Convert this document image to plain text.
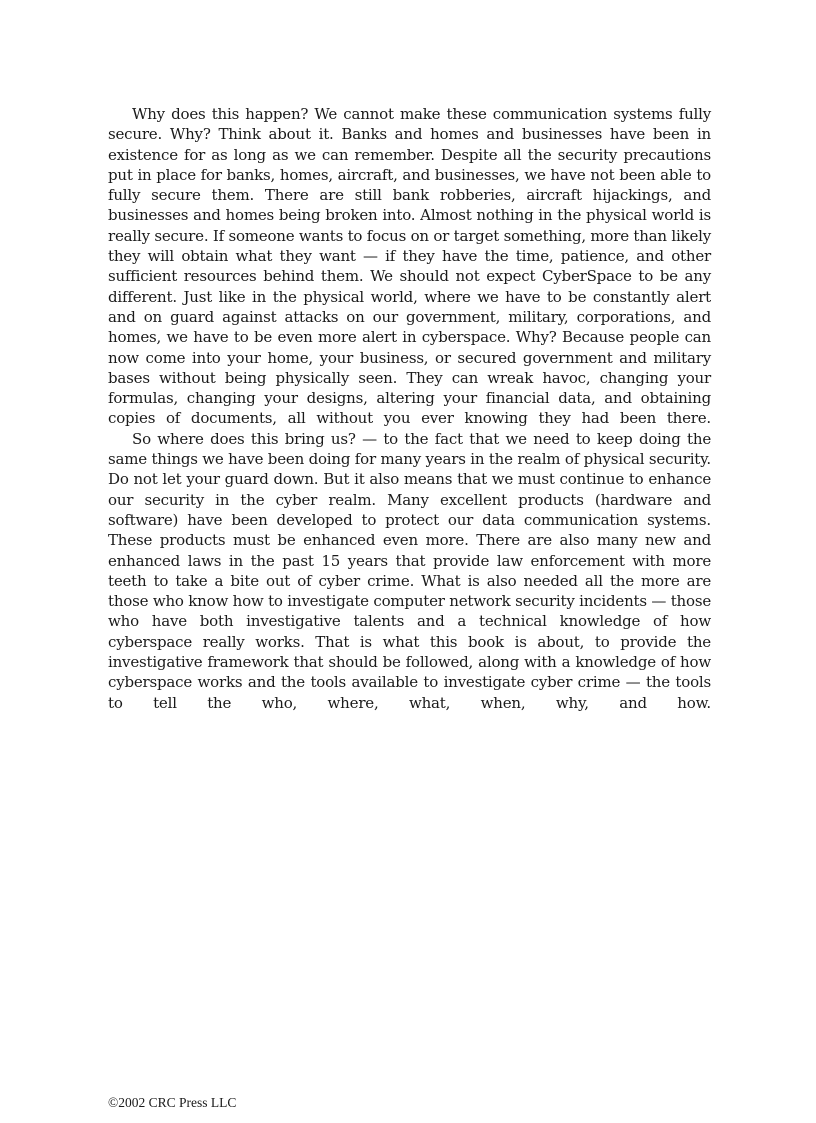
Why does this happen? We cannot make these communication systems fully secure. Why? Think about it. Banks and homes and businesses have been in existence for as long as we can remember. Despite all the security precautions put in place for banks, homes, aircraft, and businesses, we have not been able to fully secure them. There are still bank robberies, aircraft hijackings, and businesses and homes being broken into. Almost nothing in the physical world is really secure. If someone wants to focus on or target something, more than likely they will obtain what they want — if they have the time, patience, and other sufficient resources behind them. We should not expect CyberSpace to be any different. Just like in the physical world, where we have to be constantly alert and on guard against attacks on our government, military, corporations, and homes, we have to be even more alert in cyberspace. Why? Because people can now come into your home, your business, or secured government and military bases without being physically seen. They can wreak havoc, changing your formulas, changing your designs, altering your financial data, and obtaining copies of documents, all without you ever knowing they had been there.

So where does this bring us? — to the fact that we need to keep doing the same things we have been doing for many years in the realm of physical security. Do not let your guard down. But it also means that we must continue to enhance our security in the cyber realm. Many excellent products (hardware and software) have been developed to protect our data communication systems. These products must be enhanced even more. There are also many new and enhanced laws in the past 15 years that provide law enforcement with more teeth to take a bite out of cyber crime. What is also needed all the more are those who know how to investigate computer network security incidents — those who have both investigative talents and a technical knowledge of how cyberspace really works. That is what this book is about, to provide the investigative framework that should be followed, along with a knowledge of how cyberspace works and the tools available to investigate cyber crime — the tools to tell the who, where, what, when, why, and how.

©2002 CRC Press LLC
